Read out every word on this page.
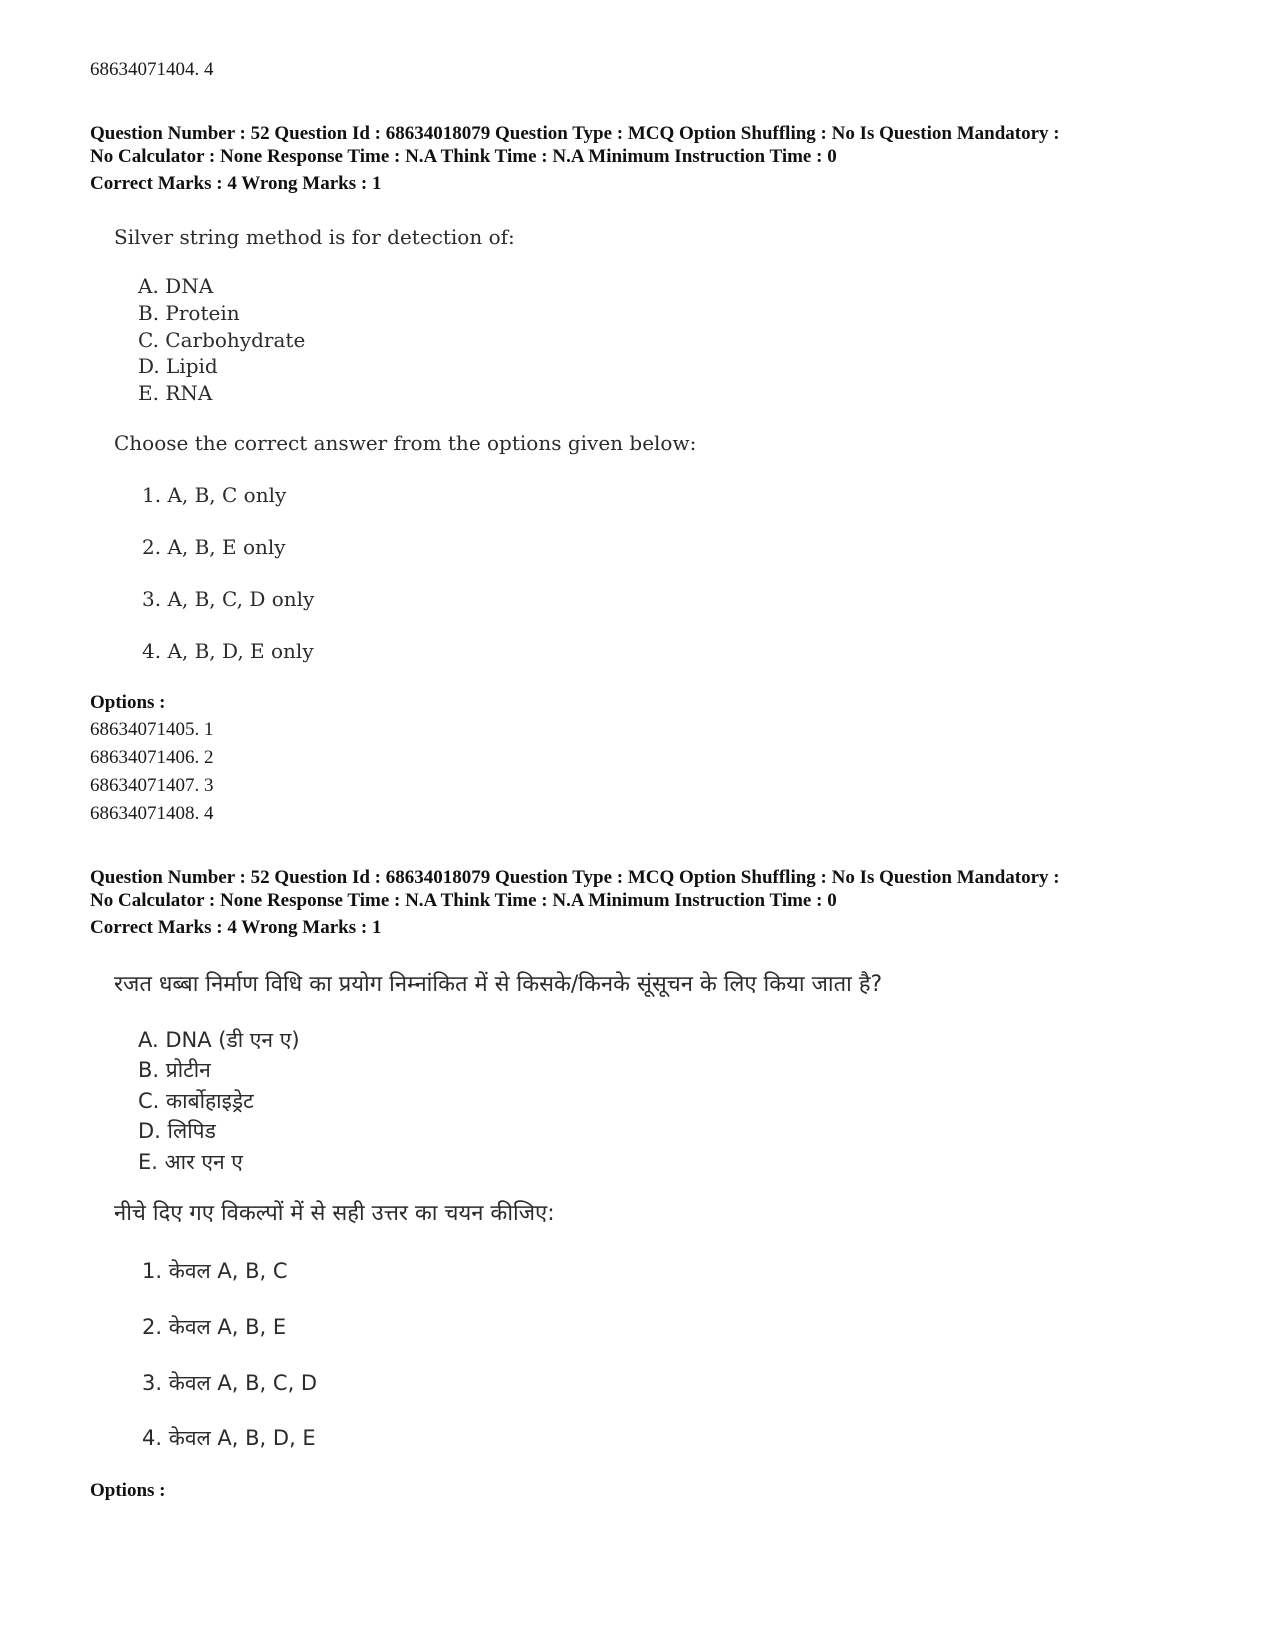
68634071404. 4
Question Number : 52 Question Id : 68634018079 Question Type : MCQ Option Shuffling : No Is Question Mandatory :
No Calculator : None Response Time : N.A Think Time : N.A Minimum Instruction Time : 0
Correct Marks : 4 Wrong Marks : 1
Silver string method is for detection of:
A. DNA
B. Protein
C. Carbohydrate
D. Lipid
E. RNA
Choose the correct answer from the options given below:
1. A, B, C only
2. A, B, E only
3. A, B, C, D only
4. A, B, D, E only
Options :
68634071405. 1
68634071406. 2
68634071407. 3
68634071408. 4
Question Number : 52 Question Id : 68634018079 Question Type : MCQ Option Shuffling : No Is Question Mandatory :
No Calculator : None Response Time : N.A Think Time : N.A Minimum Instruction Time : 0
Correct Marks : 4 Wrong Marks : 1
रजत धब्बा निर्माण विधि का प्रयोग निम्नांकित में से किसके/किनके सूंसूचन के लिए किया जाता है?
A. DNA (डी एन ए)
B. प्रोटीन
C. कार्बोहाइड्रेट
D. लिपिड
E. आर एन ए
नीचे दिए गए विकल्पों में से सही उत्तर का चयन कीजिए:
1. केवल A, B, C
2. केवल A, B, E
3. केवल A, B, C, D
4. केवल A, B, D, E
Options :
